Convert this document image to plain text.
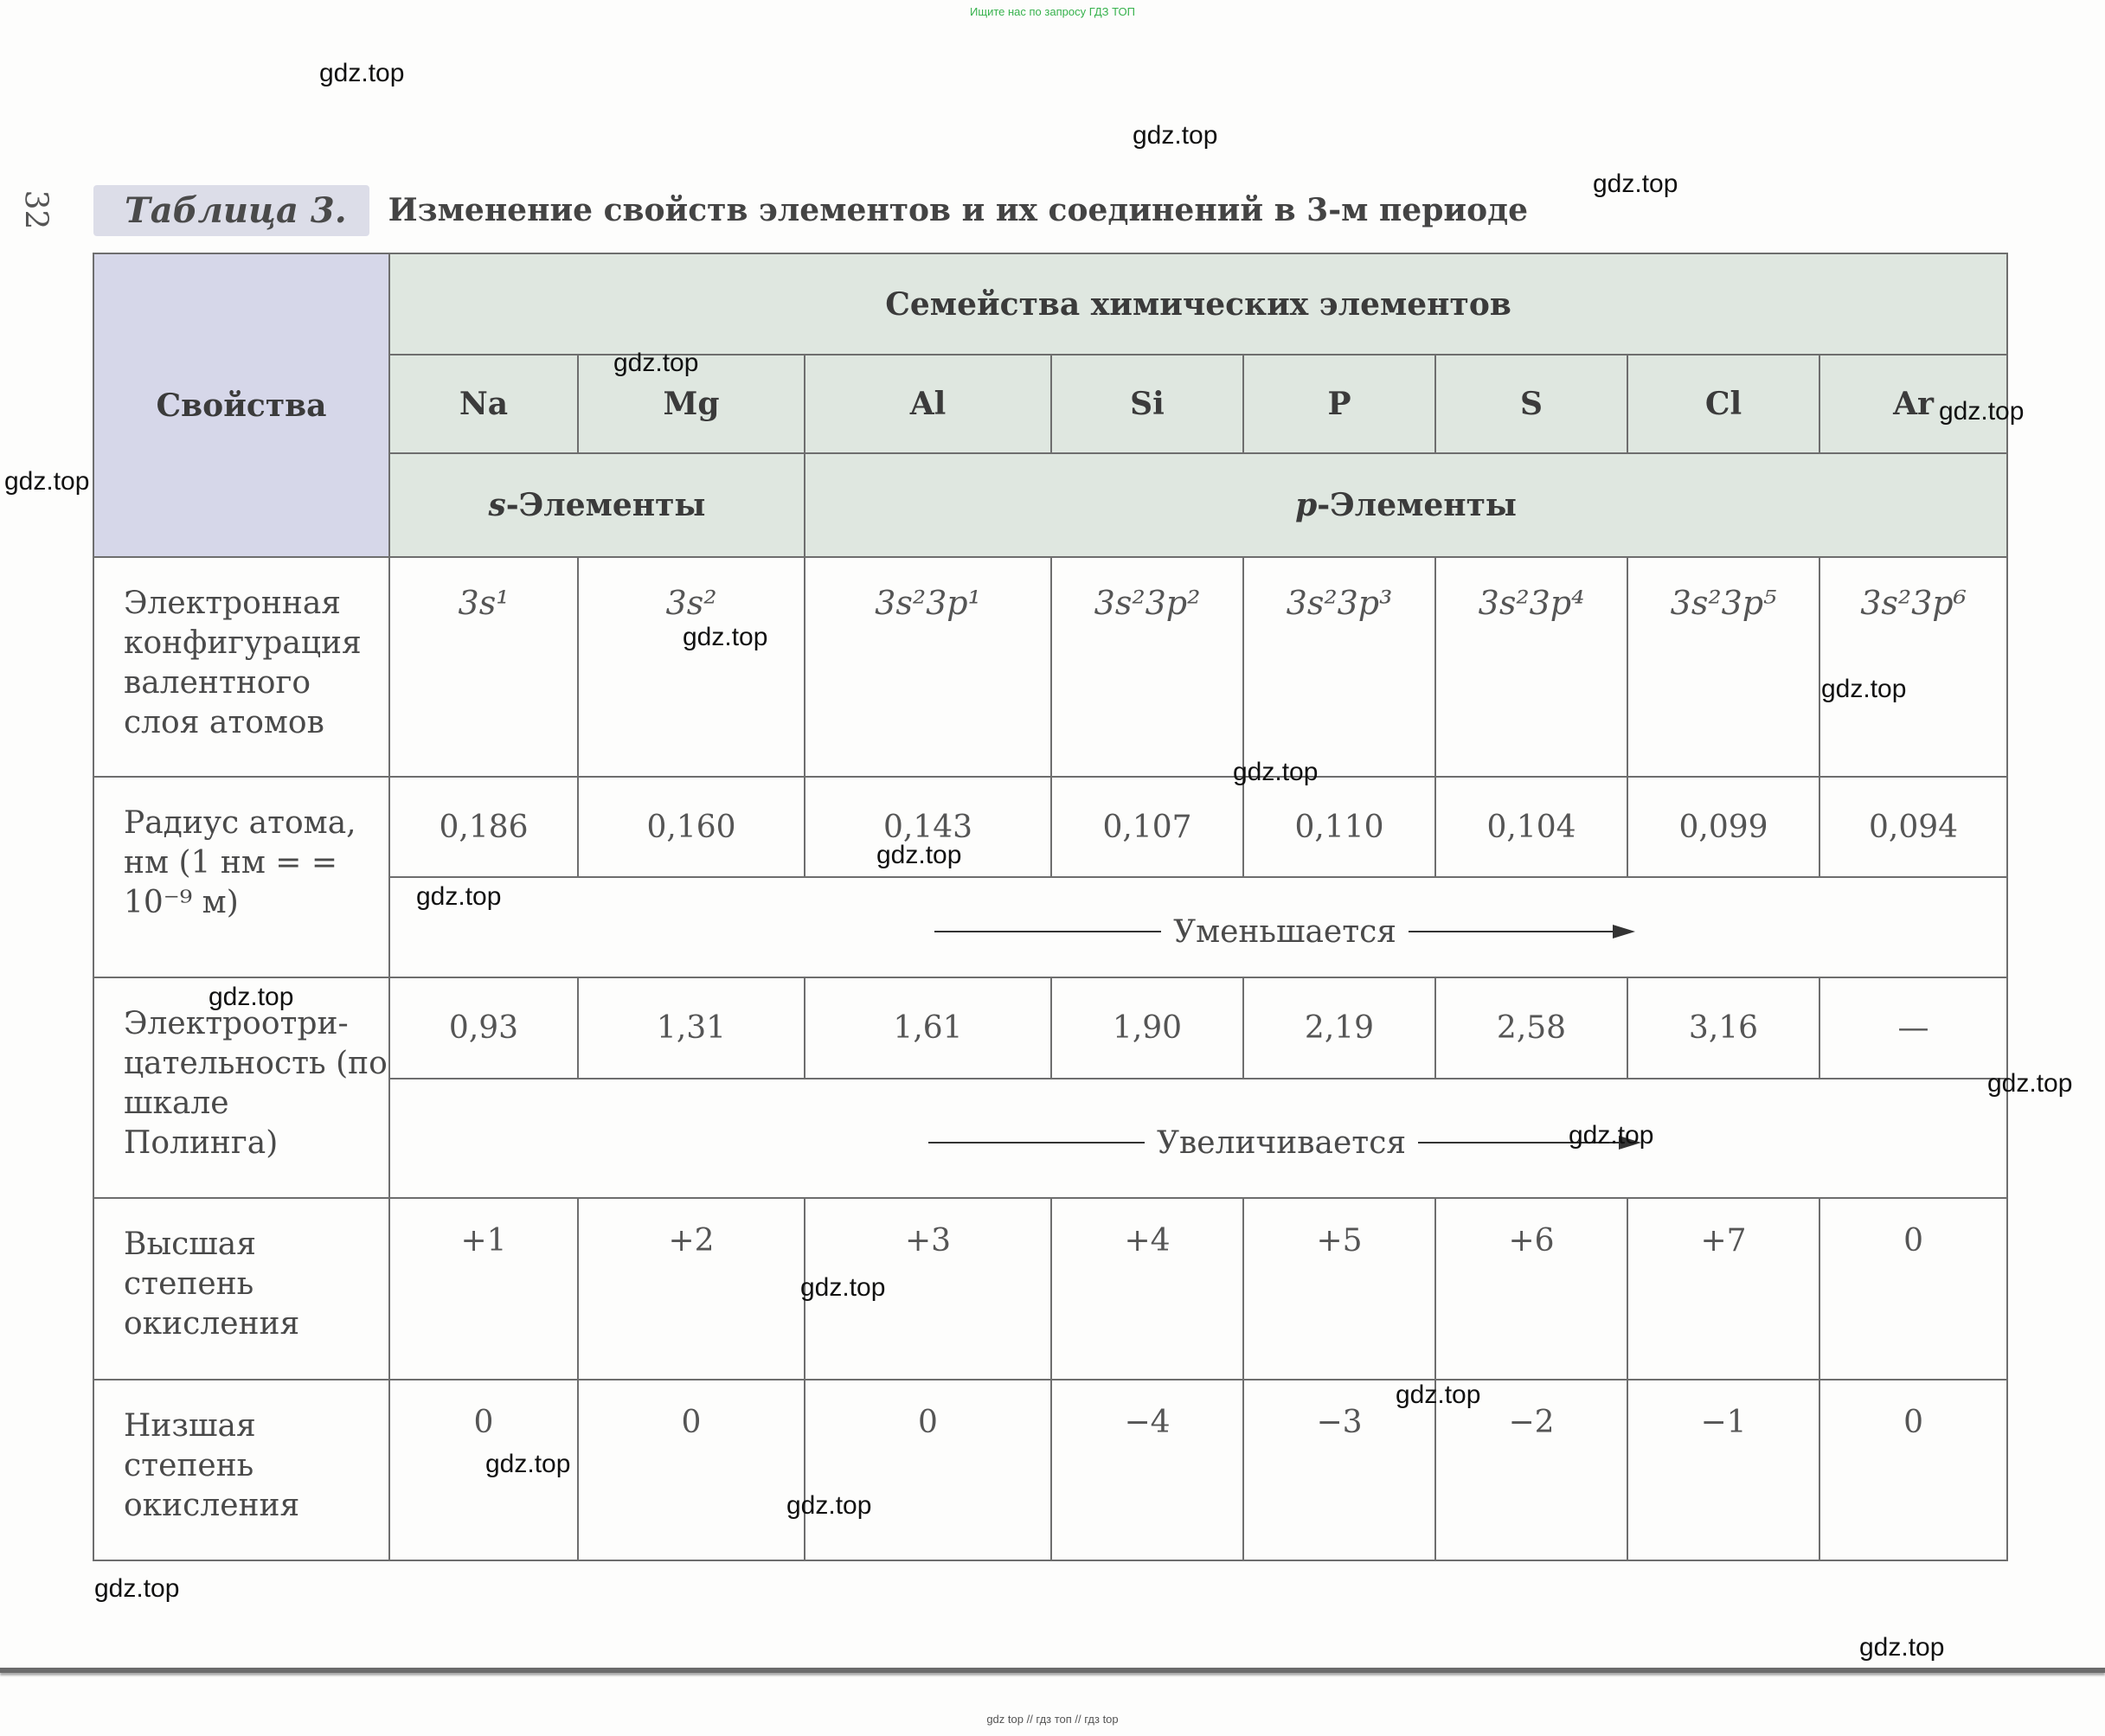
Ищите нас по запросу ГДЗ ТОП
32	Таблица 3.	Изменение свойств элементов и их соединений в 3-м периоде
Свойства	Семейства химических элементов							
	Na	Mg	Al	Si	P	S	Cl	Ar
	s-Элементы		p-Элементы					
Электронная конфигурация валентного слоя атомов	3s¹	3s²	3s²3p¹	3s²3p²	3s²3p³	3s²3p⁴	3s²3p⁵	3s²3p⁶
Радиус атома, нм (1 нм = = 10⁻⁹ м)	0,186	0,160	0,143	0,107	0,110	0,104	0,099	0,094

	Уменьшается							

Электроотри-цательность (по шкале Полинга)	0,93	1,31	1,61	1,90	2,19	2,58	3,16	—

	Увеличивается							

Высшая степень окисления	+1	+2	+3	+4	+5	+6	+7	0
Низшая степень окисления	0	0	0	−4	−3	−2	−1	0
gdz.top
gdz.top
gdz.top
gdz.top
gdz.top
gdz.top
gdz.top
gdz.top
gdz.top
gdz.top
gdz.top
gdz.top
gdz.top
gdz.top
gdz.top
gdz.top
gdz.top
gdz.top
gdz.top
gdz.top
gdz top // гдз топ // гдз top
